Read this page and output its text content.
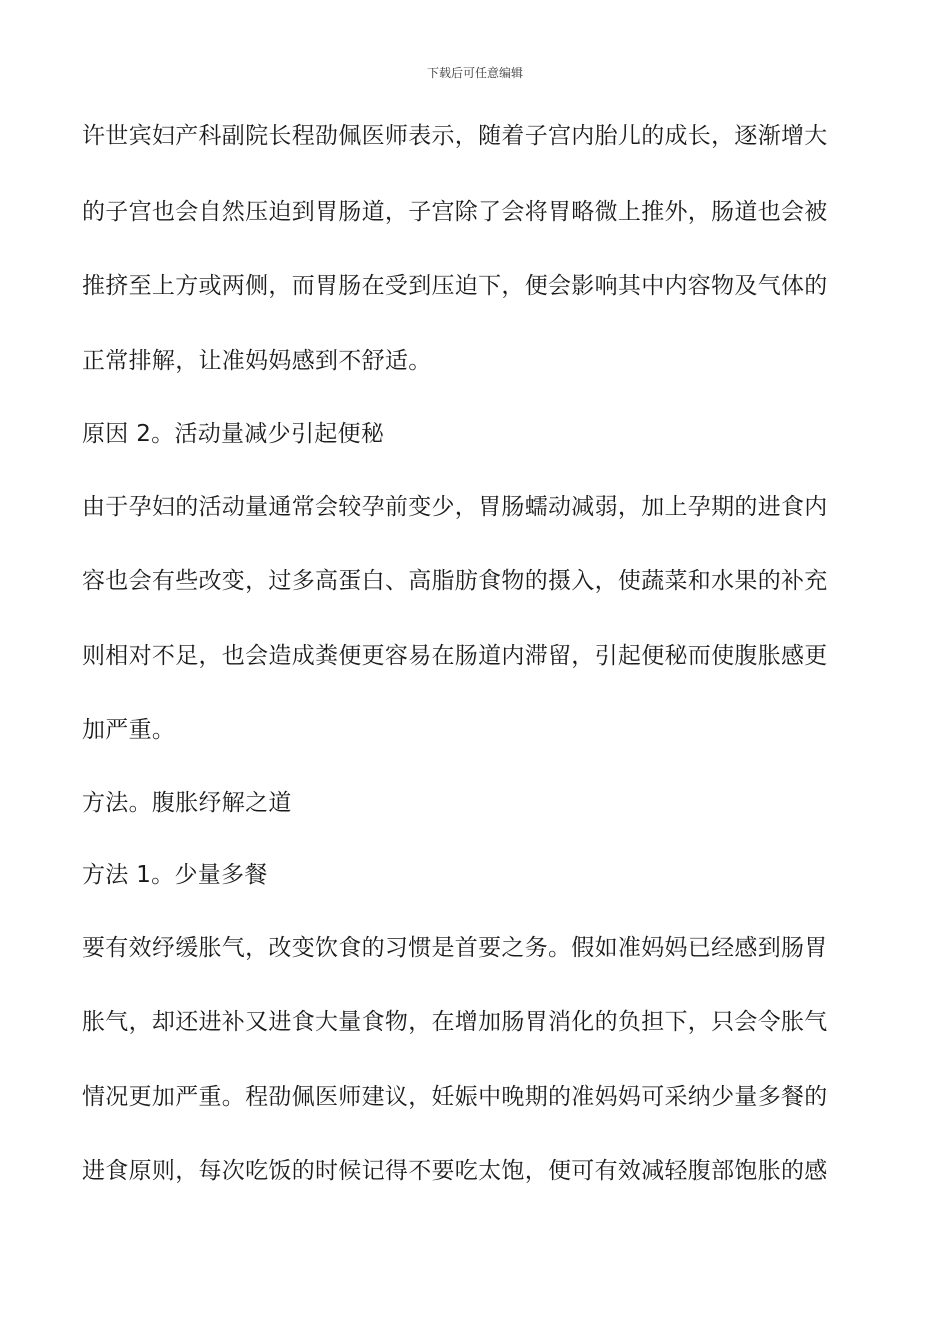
下载后可任意编辑
许世宾妇产科副院长程劭佩医师表示，随着子宫内胎儿的成长，逐渐增大
的子宫也会自然压迫到胃肠道，子宫除了会将胃略微上推外，肠道也会被
推挤至上方或两侧，而胃肠在受到压迫下，便会影响其中内容物及气体的
正常排解，让准妈妈感到不舒适。
原因 2。活动量减少引起便秘
由于孕妇的活动量通常会较孕前变少，胃肠蠕动减弱，加上孕期的进食内
容也会有些改变，过多高蛋白、高脂肪食物的摄入，使蔬菜和水果的补充
则相对不足，也会造成粪便更容易在肠道内滞留，引起便秘而使腹胀感更
加严重。
方法。腹胀纾解之道
方法 1。少量多餐
要有效纾缓胀气，改变饮食的习惯是首要之务。假如准妈妈已经感到肠胃
胀气，却还进补又进食大量食物，在增加肠胃消化的负担下，只会令胀气
情况更加严重。程劭佩医师建议，妊娠中晚期的准妈妈可采纳少量多餐的
进食原则，每次吃饭的时候记得不要吃太饱，便可有效减轻腹部饱胀的感
